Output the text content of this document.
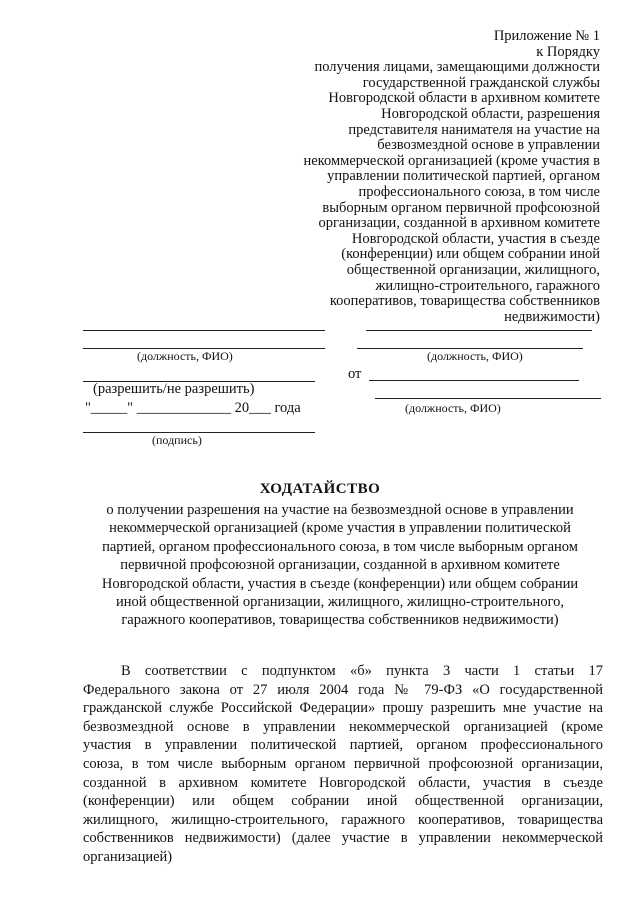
Приложение № 1
к Порядку
получения лицами, замещающими должности
государственной гражданской службы
Новгородской области в архивном комитете
Новгородской области, разрешения
представителя нанимателя на участие на
безвозмездной основе в управлении
некоммерческой организацией (кроме участия в
управлении политической партией, органом
профессионального союза, в том числе
выборным органом первичной профсоюзной
организации, созданной в архивном комитете
Новгородской области, участия в съезде
(конференции) или общем собрании иной
общественной организации, жилищного,
жилищно-строительного, гаражного
кооперативов, товарищества собственников
недвижимости)
(должность, ФИО)	(должность, ФИО)
(разрешить/не разрешить)
от
(должность, ФИО)
"_____" _____________ 20___ года
(подпись)
ХОДАТАЙСТВО
о получении разрешения на участие на безвозмездной основе в управлении
некоммерческой организацией (кроме участия в управлении политической
партией, органом профессионального союза, в том числе выборным органом
первичной профсоюзной организации, созданной в архивном комитете
Новгородской области, участия в съезде (конференции) или общем собрании
иной общественной организации, жилищного, жилищно-строительного,
гаражного кооперативов, товарищества собственников недвижимости)
В соответствии с подпунктом «б» пункта 3 части 1 статьи 17
Федерального закона от 27 июля 2004 года № 79-ФЗ «О государственной
гражданской службе Российской Федерации» прошу разрешить мне участие на
безвозмездной основе в управлении некоммерческой организацией (кроме
участия в управлении политической партией, органом профессионального
союза, в том числе выборным органом первичной профсоюзной организации,
созданной в архивном комитете Новгородской области, участия в съезде
(конференции) или общем собрании иной общественной организации,
жилищного, жилищно-строительного, гаражного кооперативов, товарищества
собственников недвижимости) (далее участие в управлении некоммерческой
организацией)
